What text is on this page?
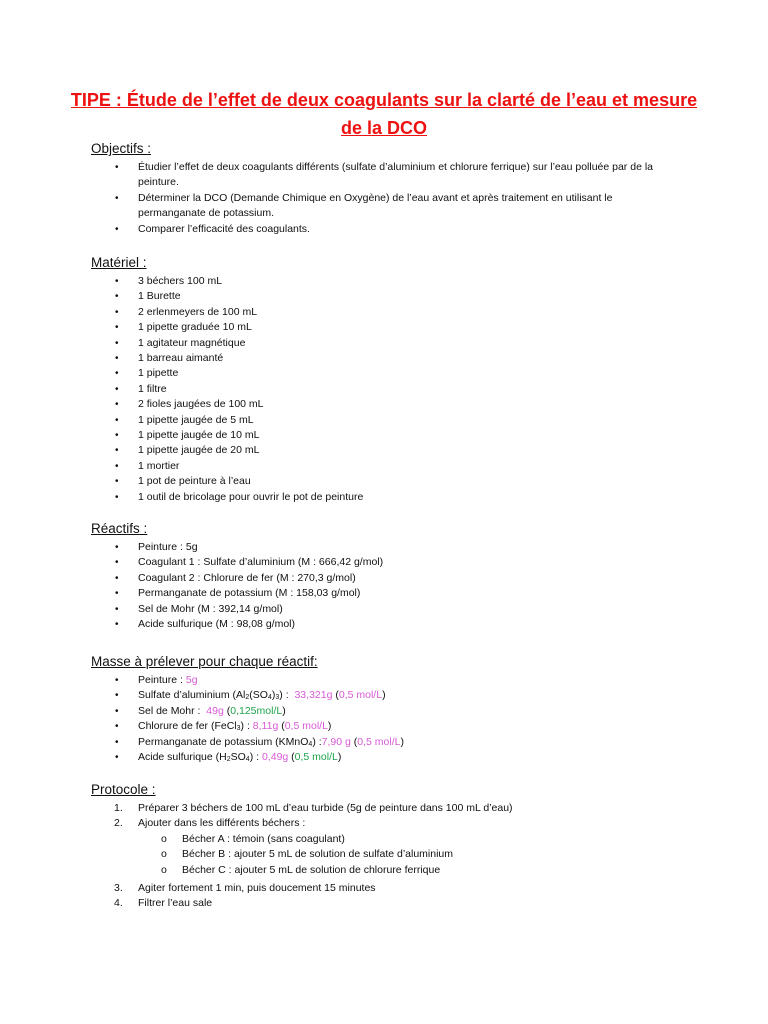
TIPE : Étude de l’effet de deux coagulants sur la clarté de l’eau et mesure de la DCO
Objectifs :
• Étudier l’effet de deux coagulants différents (sulfate d’aluminium et chlorure ferrique) sur l’eau polluée par de la peinture.
• Déterminer la DCO (Demande Chimique en Oxygène) de l’eau avant et après traitement en utilisant le permanganate de potassium.
• Comparer l’efficacité des coagulants.
Matériel :
• 3 béchers 100 mL
• 1 Burette
• 2 erlenmeyers de 100 mL
• 1 pipette graduée 10 mL
• 1 agitateur magnétique
• 1 barreau aimanté
• 1 pipette
• 1 filtre
• 2 fioles jaugées de 100 mL
• 1 pipette jaugée de 5 mL
• 1 pipette jaugée de 10 mL
• 1 pipette jaugée de 20 mL
• 1 mortier
• 1 pot de peinture à l’eau
• 1 outil de bricolage pour ouvrir le pot de peinture
Réactifs :
• Peinture : 5g
• Coagulant 1 : Sulfate d’aluminium (M : 666,42 g/mol)
• Coagulant 2 : Chlorure de fer (M : 270,3 g/mol)
• Permanganate de potassium (M : 158,03 g/mol)
• Sel de Mohr (M : 392,14 g/mol)
• Acide sulfurique (M : 98,08 g/mol)
Masse à prélever pour chaque réactif:
• Peinture : 5g
• Sulfate d’aluminium $(Al_2(SO_4)_3)$ : 33,321g (0,5 mol/L)
• Sel de Mohr : 49g (0,125mol/L)
• Chlorure de fer (FeCl$_3$) : 8,11g (0,5 mol/L)
• Permanganate de potassium (KMnO$_4$) :7,90 g (0,5 mol/L)
• Acide sulfurique $(H_2SO_4)$ : 0,49g (0,5 mol/L)
Protocole :
1. Préparer 3 béchers de 100 mL d’eau turbide (5g de peinture dans 100 mL d’eau)
2. Ajouter dans les différents béchers :
o Bécher A : témoin (sans coagulant)
o Bécher B : ajouter 5 mL de solution de sulfate d’aluminium
o Bécher C : ajouter 5 mL de solution de chlorure ferrique
3. Agiter fortement 1 min, puis doucement 15 minutes
4. Filtrer l’eau sale
